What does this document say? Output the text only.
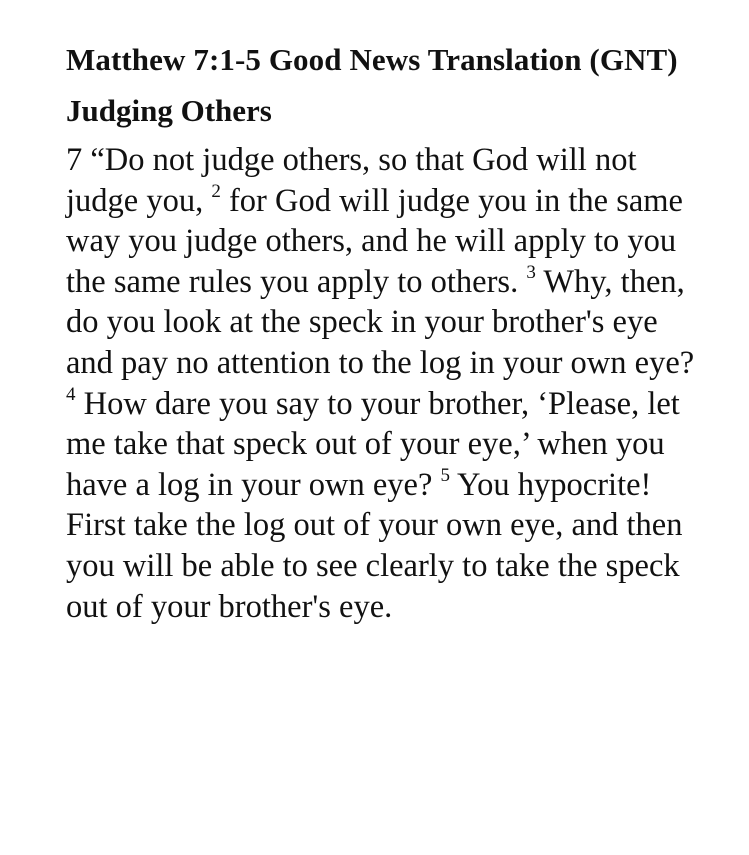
Matthew 7:1-5 Good News Translation (GNT)
Judging Others

7 “Do not judge others, so that God will not judge you, $^2$ for God will judge you in the same way you judge others, and he will apply to you the same rules you apply to others. $^3$ Why, then, do you look at the speck in your brother's eye and pay no attention to the log in your own eye? $^4$ How dare you say to your brother, ‘Please, let me take that speck out of your eye,’ when you have a log in your own eye? $^5$ You hypocrite! First take the log out of your own eye, and then you will be able to see clearly to take the speck out of your brother's eye.
